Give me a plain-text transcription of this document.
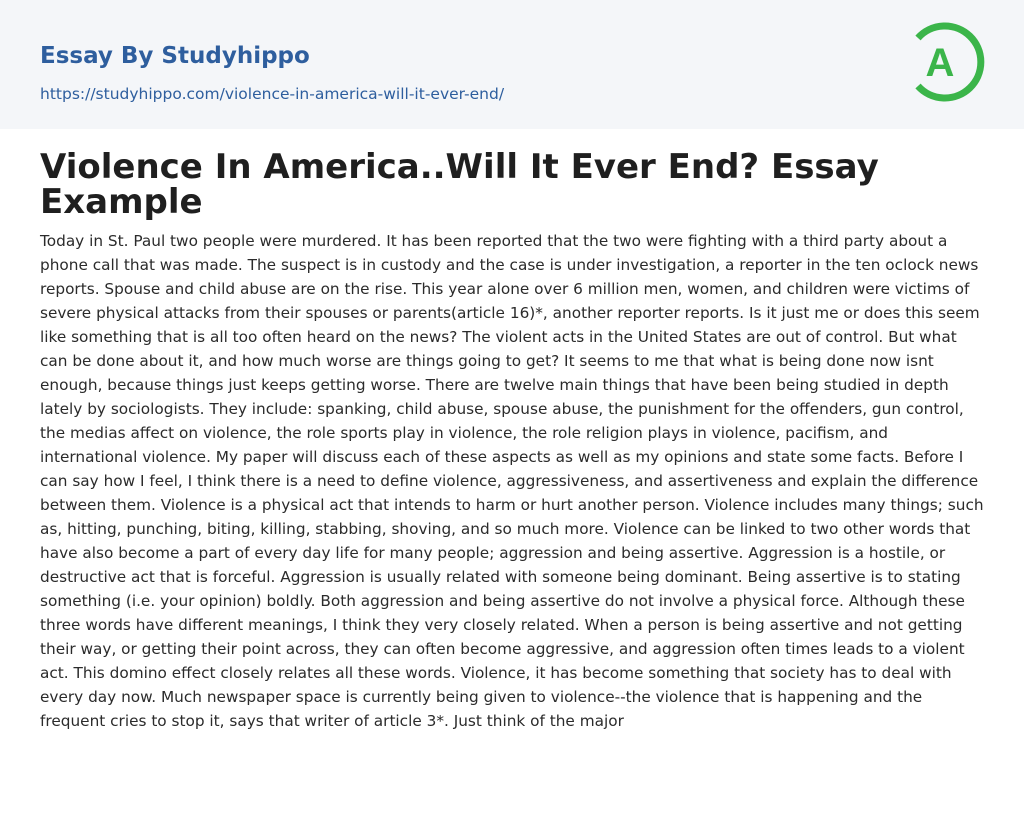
Essay By Studyhippo
https://studyhippo.com/violence-in-america-will-it-ever-end/
A
Violence In America..Will It Ever End? Essay Example

Today in St. Paul two people were murdered. It has been reported that the two were fighting with a third party about a phone call that was made. The suspect is in custody and the case is under investigation, a reporter in the ten oclock news reports. Spouse and child abuse are on the rise. This year alone over 6 million men, women, and children were victims of severe physical attacks from their spouses or parents(article 16)*, another reporter reports. Is it just me or does this seem like something that is all too often heard on the news? The violent acts in the United States are out of control. But what can be done about it, and how much worse are things going to get? It seems to me that what is being done now isnt enough, because things just keeps getting worse. There are twelve main things that have been being studied in depth lately by sociologists. They include: spanking, child abuse, spouse abuse, the punishment for the offenders, gun control, the medias affect on violence, the role sports play in violence, the role religion plays in violence, pacifism, and international violence. My paper will discuss each of these aspects as well as my opinions and state some facts. Before I can say how I feel, I think there is a need to define violence, aggressiveness, and assertiveness and explain the difference between them. Violence is a physical act that intends to harm or hurt another person. Violence includes many things; such as, hitting, punching, biting, killing, stabbing, shoving, and so much more. Violence can be linked to two other words that have also become a part of every day life for many people; aggression and being assertive. Aggression is a hostile, or destructive act that is forceful. Aggression is usually related with someone being dominant. Being assertive is to stating something (i.e. your opinion) boldly. Both aggression and being assertive do not involve a physical force. Although these three words have different meanings, I think they very closely related. When a person is being assertive and not getting their way, or getting their point across, they can often become aggressive, and aggression often times leads to a violent act. This domino effect closely relates all these words. Violence, it has become something that society has to deal with every day now. Much newspaper space is currently being given to violence--the violence that is happening and the frequent cries to stop it, says that writer of article 3*. Just think of the major
